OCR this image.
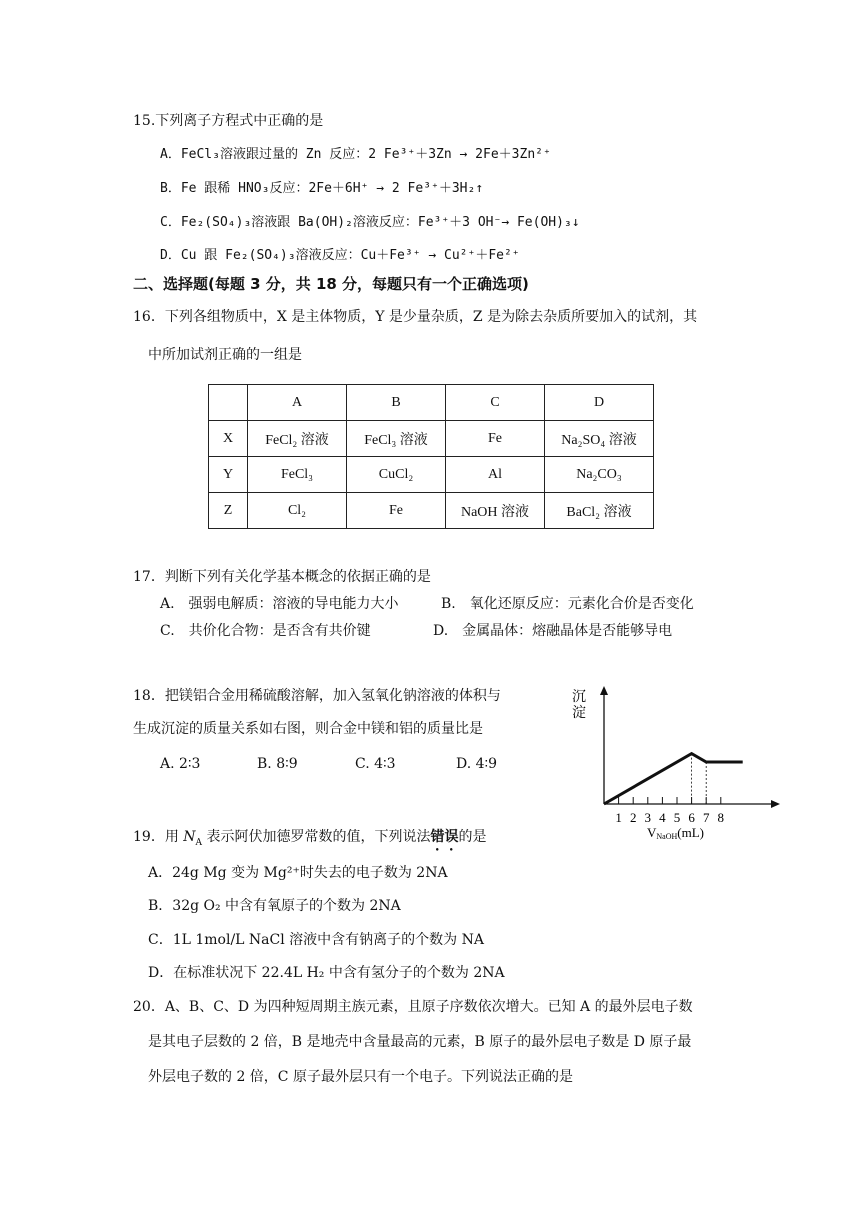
15.下列离子方程式中正确的是
A．FeCl₃溶液跟过量的 Zn 反应：2 Fe³⁺＋3Zn → 2Fe＋3Zn²⁺
B．Fe 跟稀 HNO₃反应：2Fe＋6H⁺ → 2 Fe³⁺＋3H₂↑
C．Fe₂(SO₄)₃溶液跟 Ba(OH)₂溶液反应：Fe³⁺＋3 OH⁻→ Fe(OH)₃↓
D．Cu 跟 Fe₂(SO₄)₃溶液反应：Cu＋Fe³⁺ → Cu²⁺＋Fe²⁺
二、选择题(每题 3 分，共 18 分，每题只有一个正确选项)
16．下列各组物质中，X 是主体物质，Y 是少量杂质，Z 是为除去杂质所要加入的试剂，其
中所加试剂正确的一组是
	A	B	C	D
X	FeCl₂ 溶液	FeCl₃ 溶液	Fe	Na₂SO₄ 溶液
Y	FeCl₃	CuCl₂	Al	Na₂CO₃
Z	Cl₂	Fe	NaOH 溶液	BaCl₂ 溶液
17．判断下列有关化学基本概念的依据正确的是
A.　强弱电解质：溶液的导电能力大小	B.　氧化还原反应：元素化合价是否变化
C.　共价化合物：是否含有共价键	D.　金属晶体：熔融晶体是否能够导电
18．把镁铝合金用稀硫酸溶解，加入氢氧化钠溶液的体积与
生成沉淀的质量关系如右图，则合金中镁和铝的质量比是
A. 2∶3	B. 8∶9	C. 4∶3	D. 4∶9
沉
淀
1 2 3 4 5 6 7 8
VNaOH(mL)
19．用 $N_A$ 表示阿伏加德罗常数的值，下列说法错误的是
A．24g Mg 变为 Mg²⁺时失去的电子数为 2NA
B．32g O₂ 中含有氧原子的个数为 2NA
C．1L 1mol/L NaCl 溶液中含有钠离子的个数为 NA
D．在标准状况下 22.4L H₂ 中含有氢分子的个数为 2NA
20．A、B、C、D 为四种短周期主族元素，且原子序数依次增大。已知 A 的最外层电子数
是其电子层数的 2 倍，B 是地壳中含量最高的元素，B 原子的最外层电子数是 D 原子最
外层电子数的 2 倍，C 原子最外层只有一个电子。下列说法正确的是
